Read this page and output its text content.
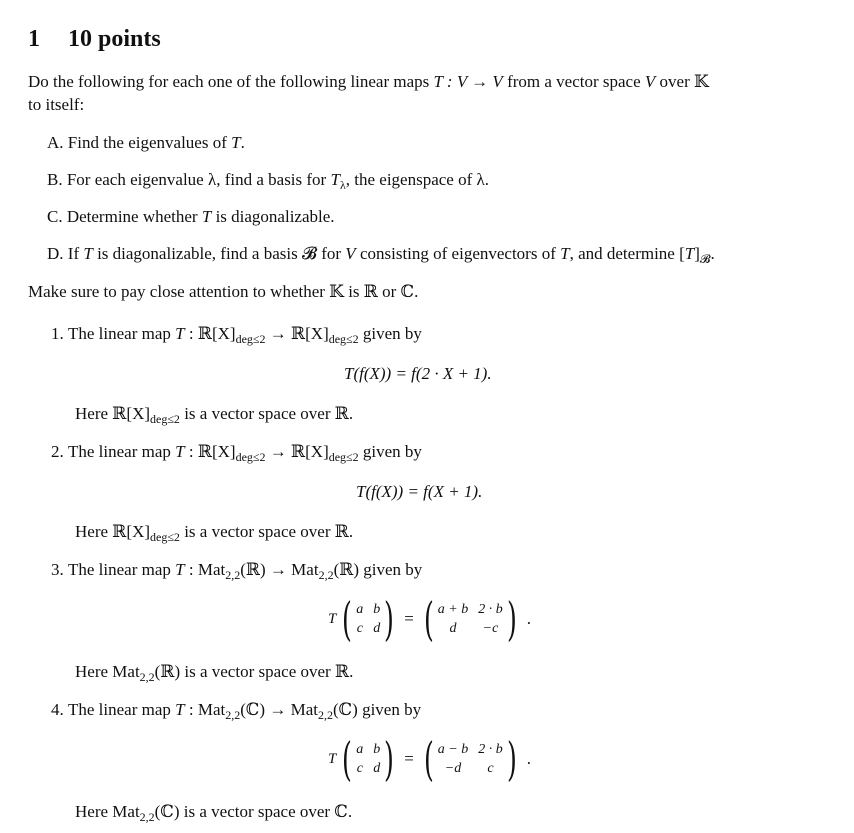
1 10 points
Do the following for each one of the following linear maps T : V → V from a vector space V over 𝕂
to itself:
A. Find the eigenvalues of T.
B. For each eigenvalue λ, find a basis for $T_\lambda$, the eigenspace of λ.
C. Determine whether T is diagonalizable.
D. If T is diagonalizable, find a basis 𝓑 for V consisting of eigenvectors of T, and determine $[T]_𝓑$.
Make sure to pay close attention to whether 𝕂 is ℝ or ℂ.
1. The linear map T : $ℝ[X]_{deg\le 2}$ → $ℝ[X]_{deg\le 2}$ given by
T(f(X)) = f(2 · X + 1).
Here $ℝ[X]_{deg\le 2}$ is a vector space over ℝ.
2. The linear map T : $ℝ[X]_{deg\le 2}$ → $ℝ[X]_{deg\le 2}$ given by
T(f(X)) = f(X + 1).
Here $ℝ[X]_{deg\le 2}$ is a vector space over ℝ.
3. The linear map T : Mat$_{2,2}$(ℝ) → Mat$_{2,2}$(ℝ) given by
T ( a b
c d ) = ( a + b 2 · b
d	−c ) .
Here Mat$_{2,2}$(ℝ) is a vector space over ℝ.
4. The linear map T : Mat$_{2,2}$(ℂ) → Mat$_{2,2}$(ℂ) given by
T ( a b
c d ) = ( a − b 2 · b
−d	c ) .
Here Mat$_{2,2}$(ℂ) is a vector space over ℂ.
